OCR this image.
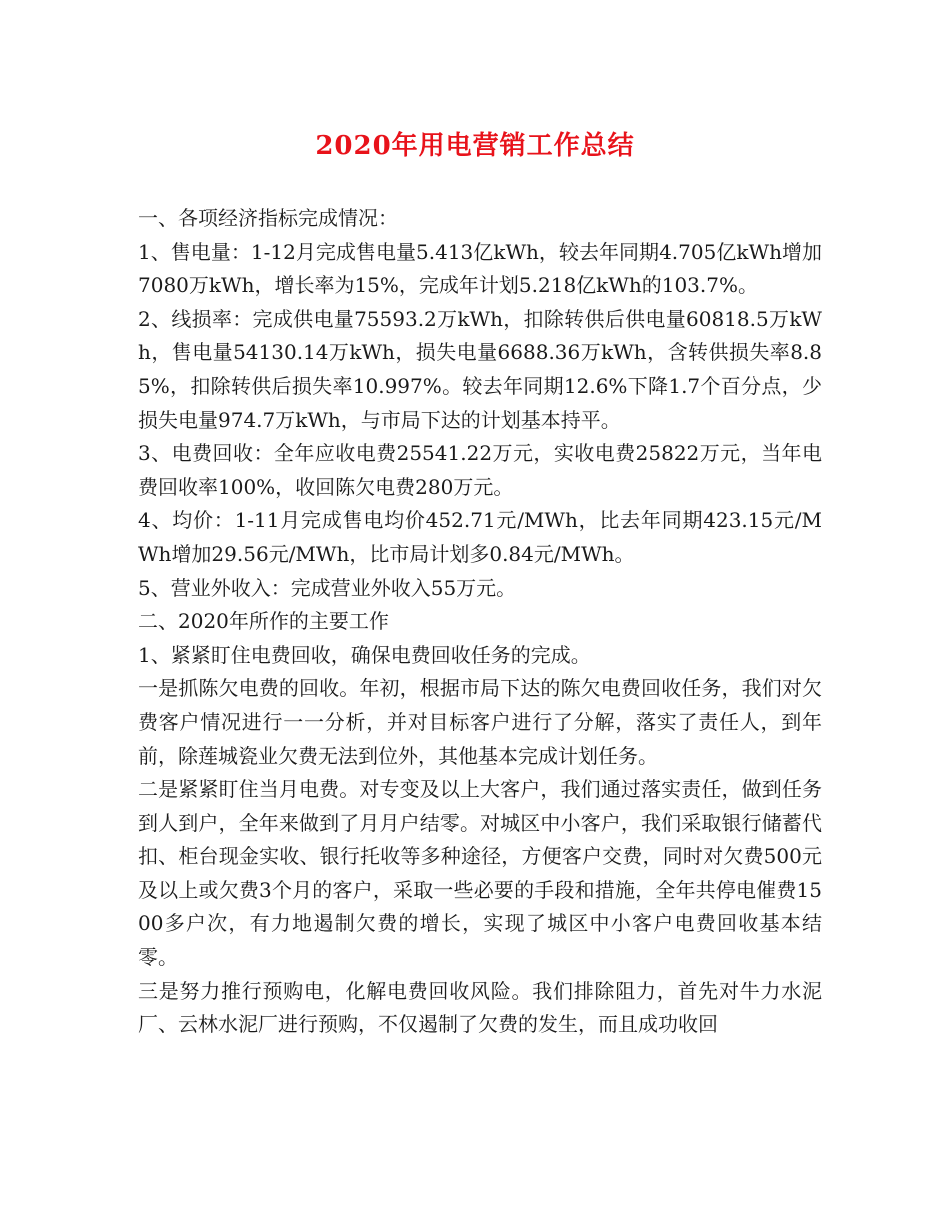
2020年用电营销工作总结

一、各项经济指标完成情况：

1、售电量：1-12月完成售电量5.413亿kWh，较去年同期4.705亿kWh增加7080万kWh，增长率为15%，完成年计划5.218亿kWh的103.7%。

2、线损率：完成供电量75593.2万kWh，扣除转供后供电量60818.5万kWh，售电量54130.14万kWh，损失电量6688.36万kWh，含转供损失率8.85%，扣除转供后损失率10.997%。较去年同期12.6%下降1.7个百分点，少损失电量974.7万kWh，与市局下达的计划基本持平。

3、电费回收：全年应收电费25541.22万元，实收电费25822万元，当年电费回收率100%，收回陈欠电费280万元。

4、均价：1-11月完成售电均价452.71元/MWh，比去年同期423.15元/MWh增加29.56元/MWh，比市局计划多0.84元/MWh。

5、营业外收入：完成营业外收入55万元。

二、2020年所作的主要工作

1、紧紧盯住电费回收，确保电费回收任务的完成。

一是抓陈欠电费的回收。年初，根据市局下达的陈欠电费回收任务，我们对欠费客户情况进行一一分析，并对目标客户进行了分解，落实了责任人，到年前，除莲城瓷业欠费无法到位外，其他基本完成计划任务。

二是紧紧盯住当月电费。对专变及以上大客户，我们通过落实责任，做到任务到人到户，全年来做到了月月户结零。对城区中小客户，我们采取银行储蓄代扣、柜台现金实收、银行托收等多种途径，方便客户交费，同时对欠费500元及以上或欠费3个月的客户，采取一些必要的手段和措施，全年共停电催费1500多户次，有力地遏制欠费的增长，实现了城区中小客户电费回收基本结零。

三是努力推行预购电，化解电费回收风险。我们排除阻力，首先对牛力水泥厂、云林水泥厂进行预购，不仅遏制了欠费的发生，而且成功收回
